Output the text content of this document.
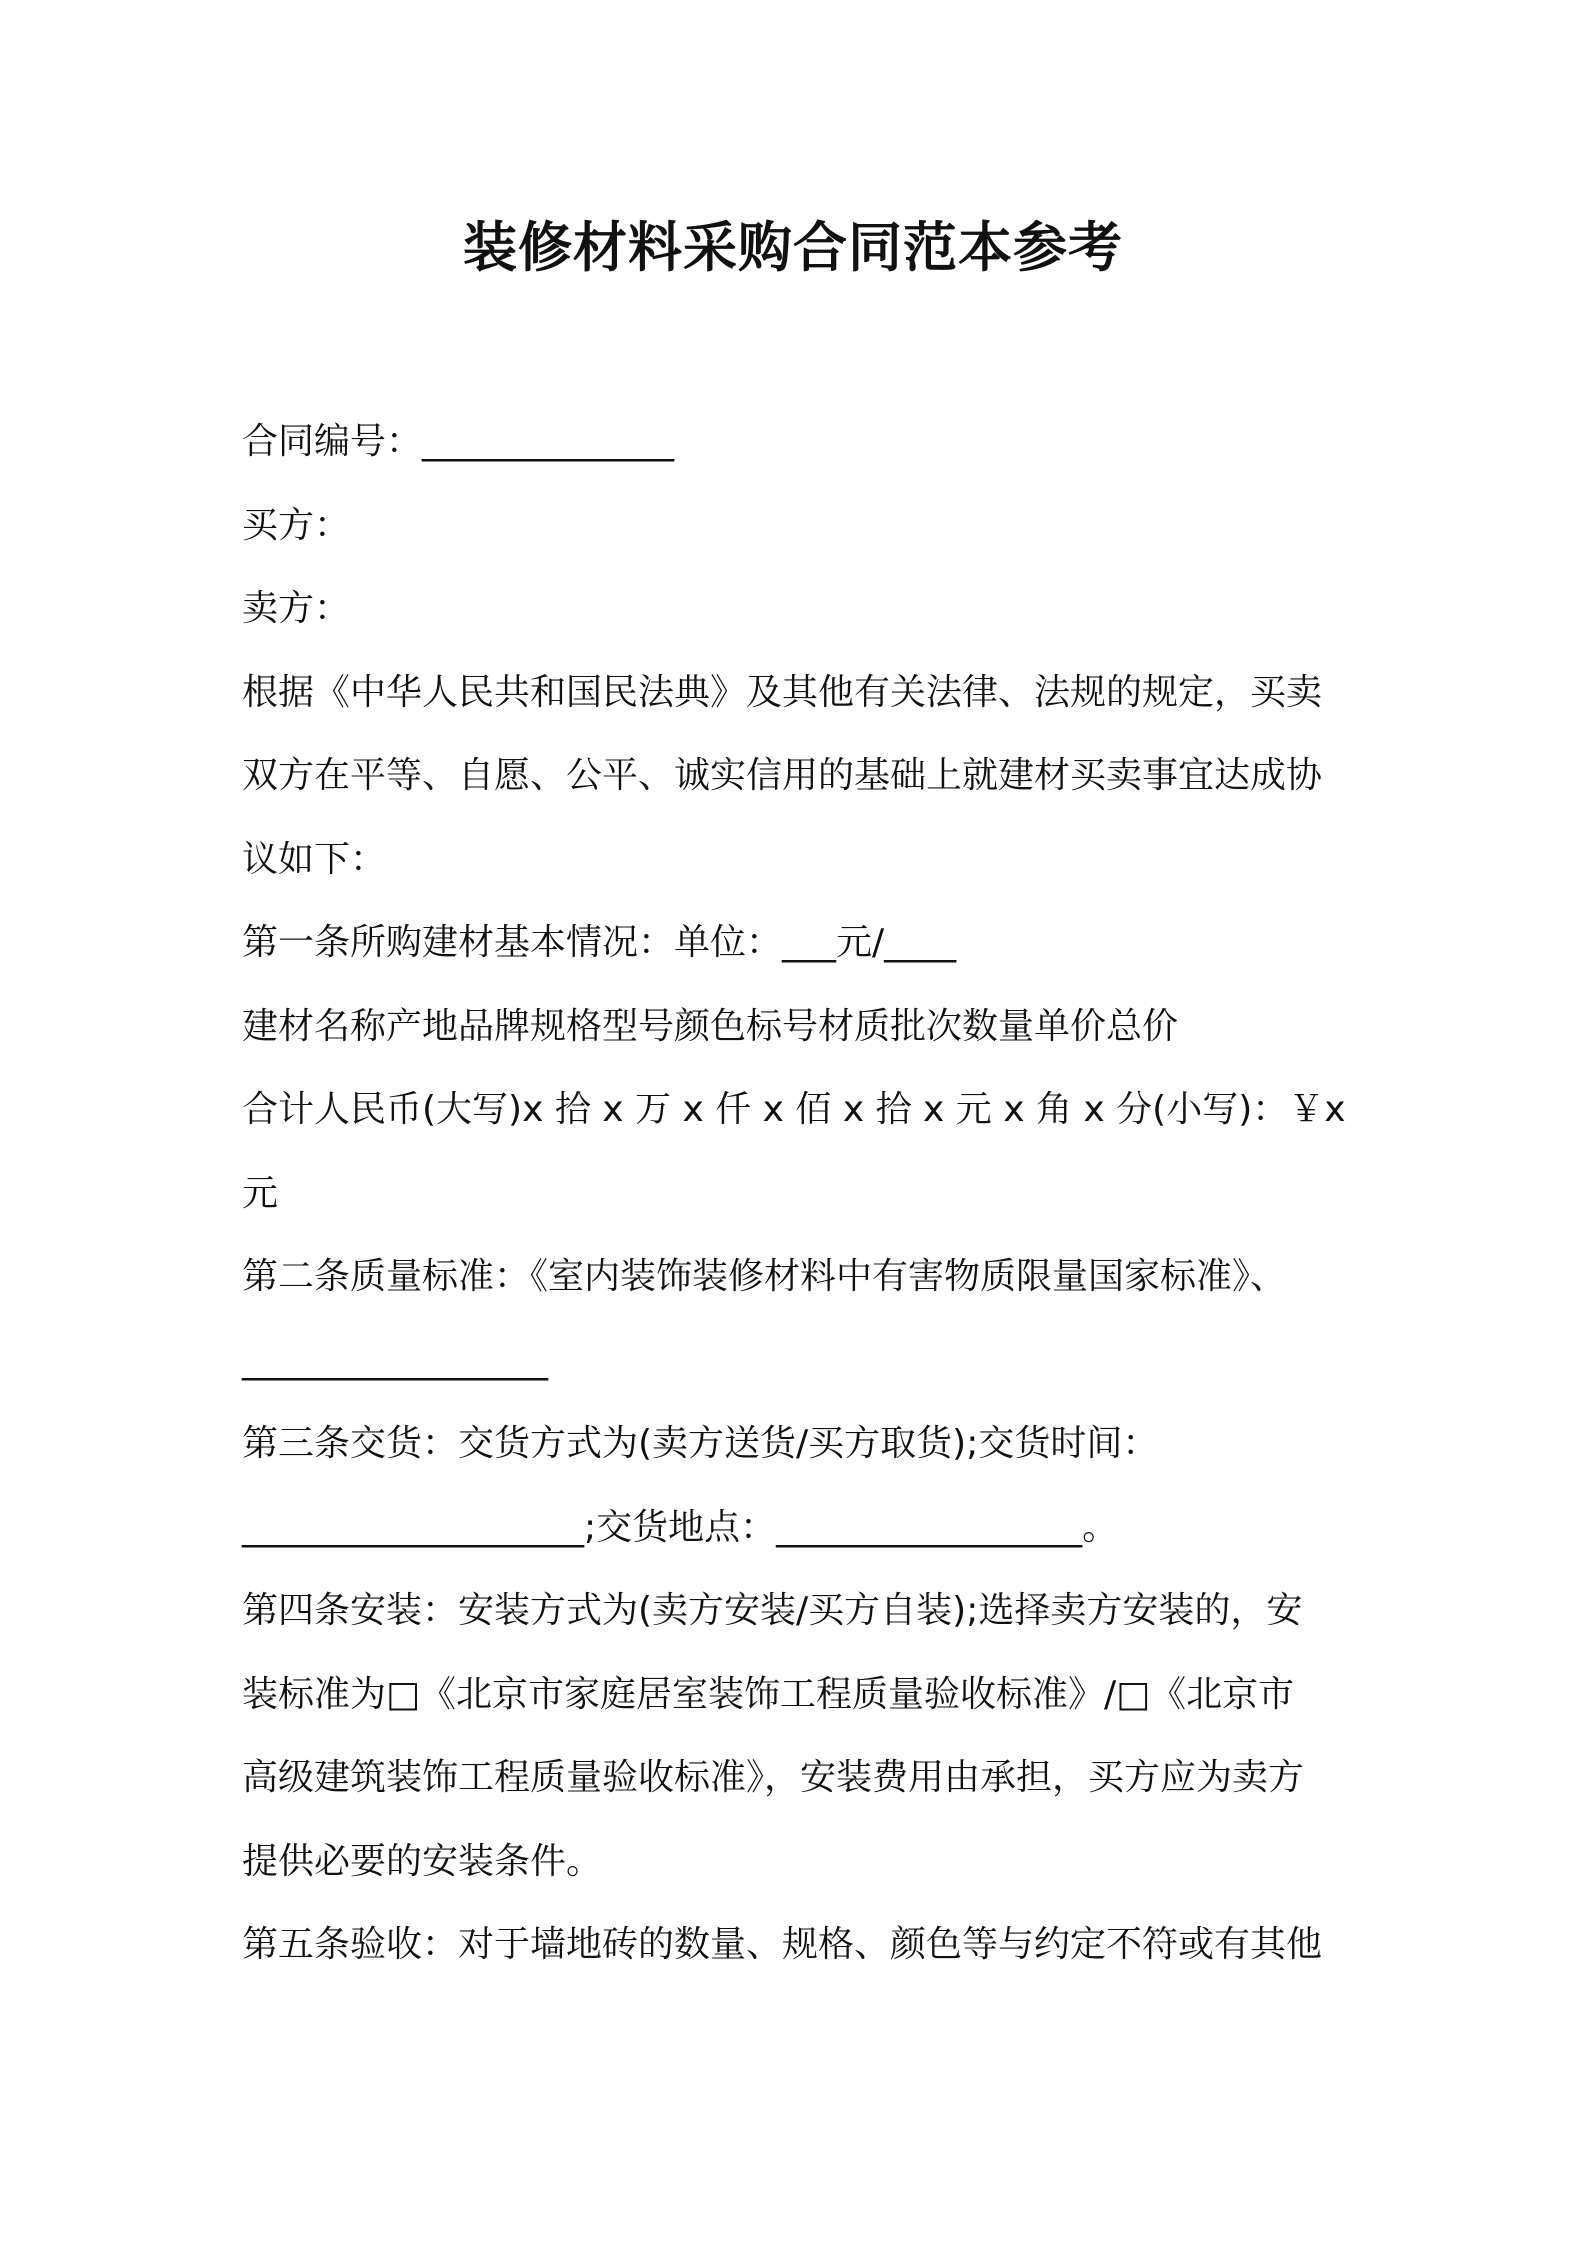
装修材料采购合同范本参考
合同编号：______________
买方：
卖方：
根据《中华人民共和国民法典》及其他有关法律、法规的规定，买卖
双方在平等、自愿、公平、诚实信用的基础上就建材买卖事宜达成协
议如下：
第一条所购建材基本情况：单位：___元/____
建材名称产地品牌规格型号颜色标号材质批次数量单价总价
合计人民币(大写)x 拾 x 万 x 仟 x 佰 x 拾 x 元 x 角 x 分(小写)：￥x
元
第二条质量标准：《室内装饰装修材料中有害物质限量国家标准》、
_________________
第三条交货：交货方式为(卖方送货/买方取货);交货时间：
___________________;交货地点：_________________。
第四条安装：安装方式为(卖方安装/买方自装);选择卖方安装的，安
装标准为□《北京市家庭居室装饰工程质量验收标准》/□《北京市
高级建筑装饰工程质量验收标准》，安装费用由承担，买方应为卖方
提供必要的安装条件。
第五条验收：对于墙地砖的数量、规格、颜色等与约定不符或有其他
